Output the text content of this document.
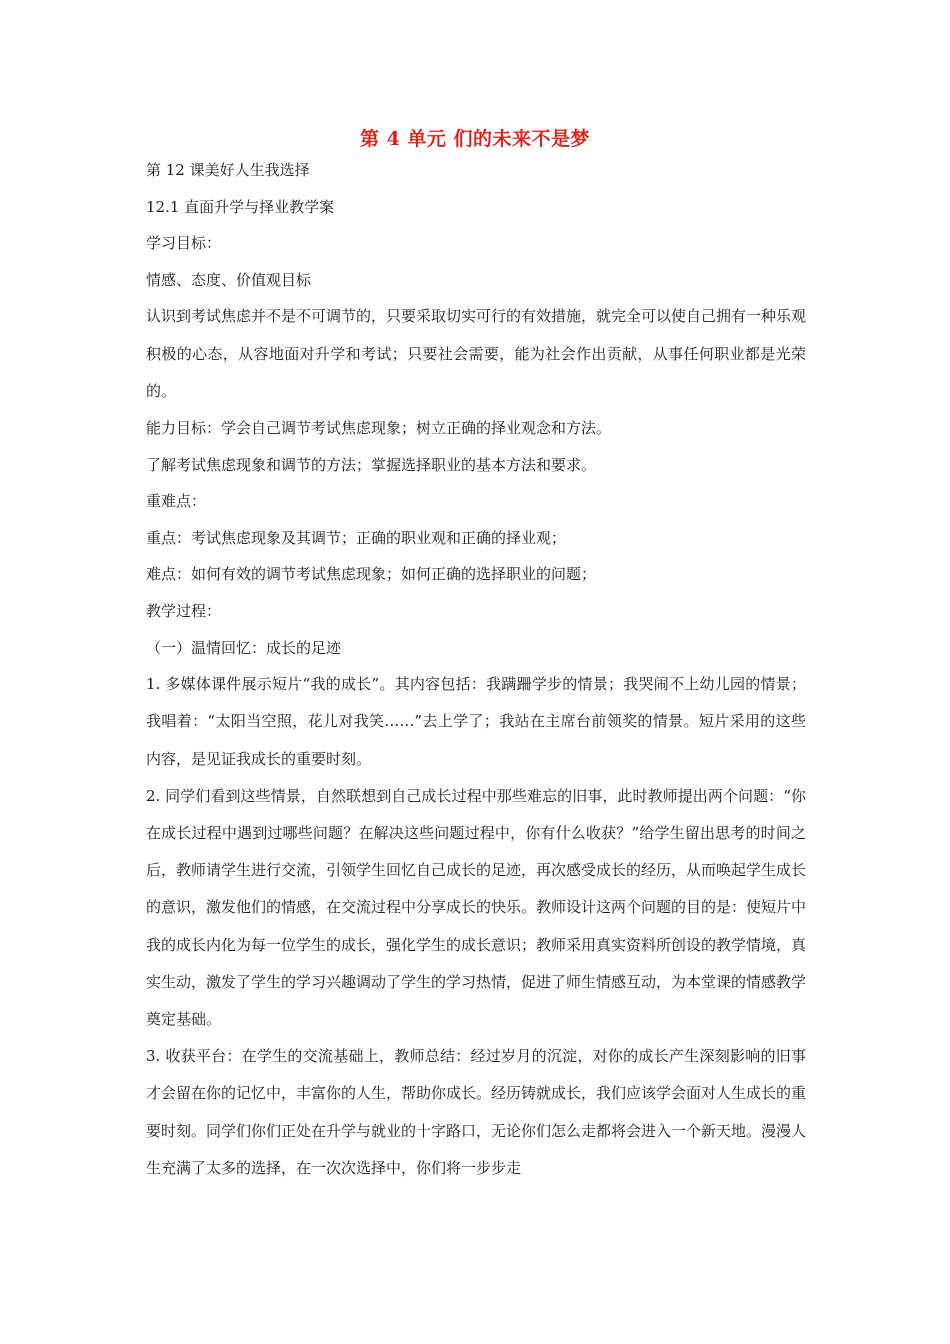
第 4 单元 们的未来不是梦
第 12 课美好人生我选择
12.1 直面升学与择业教学案
学习目标：
情感、态度、价值观目标
认识到考试焦虑并不是不可调节的，只要采取切实可行的有效措施，就完全可以使自己拥有一种乐观积极的心态，从容地面对升学和考试；只要社会需要，能为社会作出贡献，从事任何职业都是光荣的。
能力目标：学会自己调节考试焦虑现象；树立正确的择业观念和方法。
了解考试焦虑现象和调节的方法；掌握选择职业的基本方法和要求。
重难点：
重点：考试焦虑现象及其调节；正确的职业观和正确的择业观；
难点：如何有效的调节考试焦虑现象；如何正确的选择职业的问题；
教学过程：
（一）温情回忆：成长的足迹
1. 多媒体课件展示短片“我的成长”。其内容包括：我蹒跚学步的情景；我哭闹不上幼儿园的情景；我唱着：“太阳当空照，花儿对我笑……”去上学了；我站在主席台前领奖的情景。短片采用的这些内容，是见证我成长的重要时刻。
2. 同学们看到这些情景，自然联想到自己成长过程中那些难忘的旧事，此时教师提出两个问题：“你在成长过程中遇到过哪些问题？在解决这些问题过程中，你有什么收获？”给学生留出思考的时间之后，教师请学生进行交流，引领学生回忆自己成长的足迹，再次感受成长的经历，从而唤起学生成长的意识，激发他们的情感，在交流过程中分享成长的快乐。教师设计这两个问题的目的是：使短片中我的成长内化为每一位学生的成长，强化学生的成长意识；教师采用真实资料所创设的教学情境，真实生动，激发了学生的学习兴趣调动了学生的学习热情，促进了师生情感互动，为本堂课的情感教学奠定基础。
3. 收获平台：在学生的交流基础上，教师总结：经过岁月的沉淀，对你的成长产生深刻影响的旧事才会留在你的记忆中，丰富你的人生，帮助你成长。经历铸就成长，我们应该学会面对人生成长的重要时刻。同学们你们正处在升学与就业的十字路口，无论你们怎么走都将会进入一个新天地。漫漫人生充满了太多的选择，在一次次选择中，你们将一步步走
